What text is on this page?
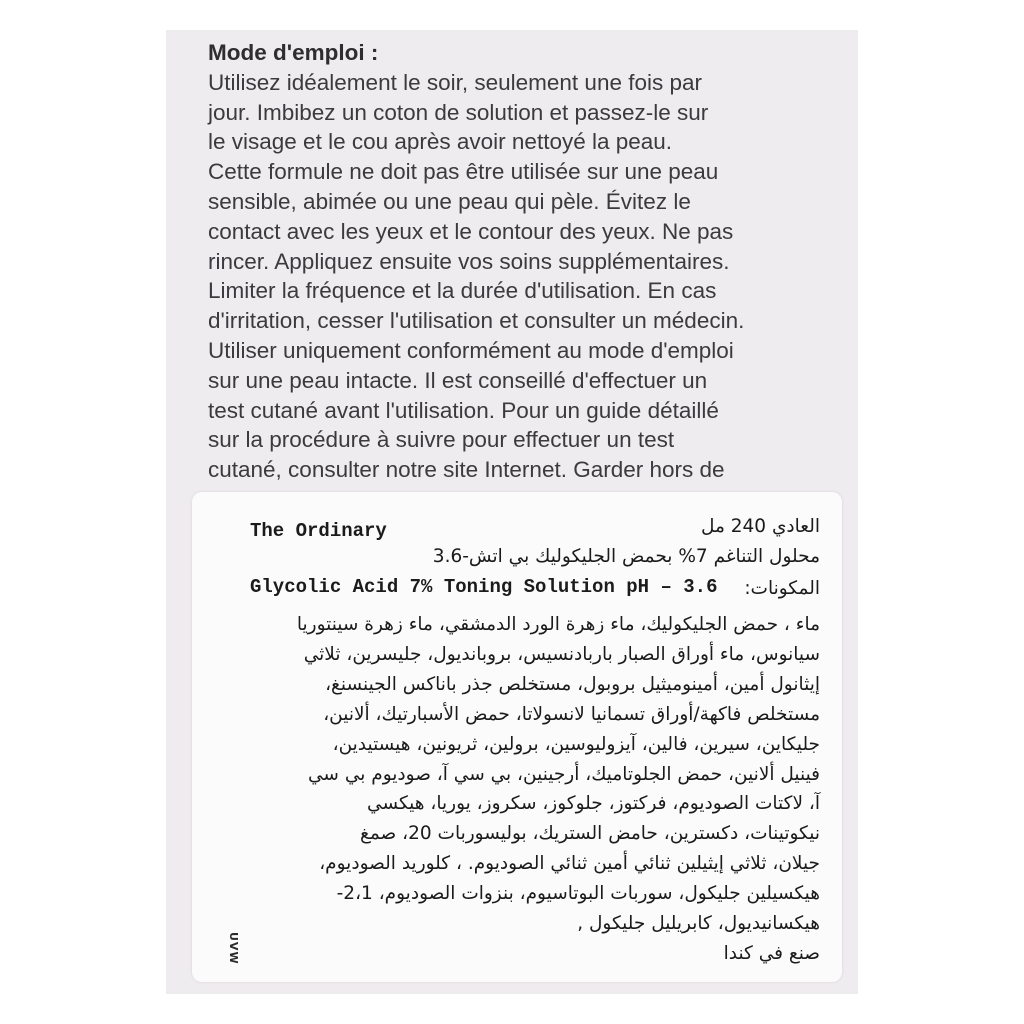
Mode d'emploi :
Utilisez idéalement le soir, seulement une fois par
jour. Imbibez un coton de solution et passez-le sur
le visage et le cou après avoir nettoyé la peau.
Cette formule ne doit pas être utilisée sur une peau
sensible, abimée ou une peau qui pèle. Évitez le
contact avec les yeux et le contour des yeux. Ne pas
rincer. Appliquez ensuite vos soins supplémentaires.
Limiter la fréquence et la durée d'utilisation. En cas
d'irritation, cesser l'utilisation et consulter un médecin.
Utiliser uniquement conformément au mode d'emploi
sur une peau intacte. Il est conseillé d'effectuer un
test cutané avant l'utilisation. Pour un guide détaillé
sur la procédure à suivre pour effectuer un test
cutané, consulter notre site Internet. Garder hors de
The Ordinary
Glycolic Acid 7% Toning Solution pH – 3.6
العادي 240 مل
محلول التناغم 7% بحمض الجليكوليك بي اتش-3.6
المكونات:
ماء ، حمض الجليكوليك، ماء زهرة الورد الدمشقي، ماء زهرة سينتوريا
سيانوس، ماء أوراق الصبار باربادنسيس، بروبانديول، جليسرين، ثلاثي
إيثانول أمين، أمينوميثيل بروبول، مستخلص جذر باناكس الجينسنغ،
مستخلص فاكهة/أوراق تسمانيا لانسولاتا، حمض الأسبارتيك، ألانين،
جليكاين، سيرين، فالين، آيزوليوسين، برولين، ثريونين، هيستيدين،
فينيل ألانين، حمض الجلوتاميك، أرجينين، بي سي آ، صوديوم بي سي
آ، لاكتات الصوديوم، فركتوز، جلوكوز، سكروز، يوريا، هيكسي
نيكوتينات، دكسترين، حامض الستريك، بوليسوربات 20، صمغ
جيلان، ثلاثي إيثيلين ثنائي أمين ثنائي الصوديوم. ، كلوريد الصوديوم،
هيكسيلين جليكول، سوربات البوتاسيوم، بنزوات الصوديوم، 2،1-
هيكسانيديول، كابريليل جليكول ,
صنع في كندا
UVW
